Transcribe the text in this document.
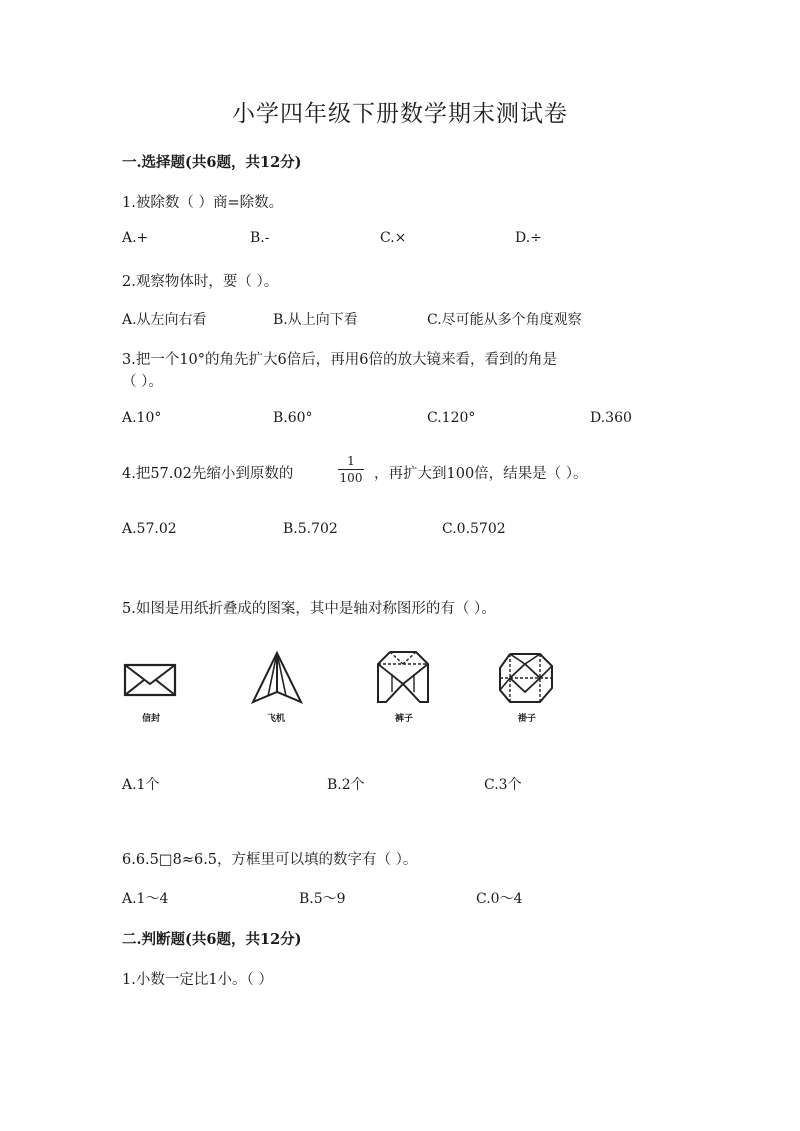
小学四年级下册数学期末测试卷
一.选择题(共6题，共12分)
1.被除数（ ）商=除数。
A.+	B.-	C.×	D.÷
2.观察物体时，要（ ）。
A.从左向右看	B.从上向下看	C.尽可能从多个角度观察
3.把一个10°的角先扩大6倍后，再用6倍的放大镜来看，看到的角是
（ ）。
A.10°	B.60°	C.120°	D.360
4.把57.02先缩小到原数的
1
100 ，再扩大到100倍，结果是（ ）。
A.57.02	B.5.702	C.0.5702
5.如图是用纸折叠成的图案，其中是轴对称图形的有（ ）。
信封	飞机	裤子	褂子
A.1个	B.2个	C.3个
6.6.5□8≈6.5，方框里可以填的数字有（ ）。
A.1～4	B.5～9	C.0～4
二.判断题(共6题，共12分)
1.小数一定比1小。（ ）
